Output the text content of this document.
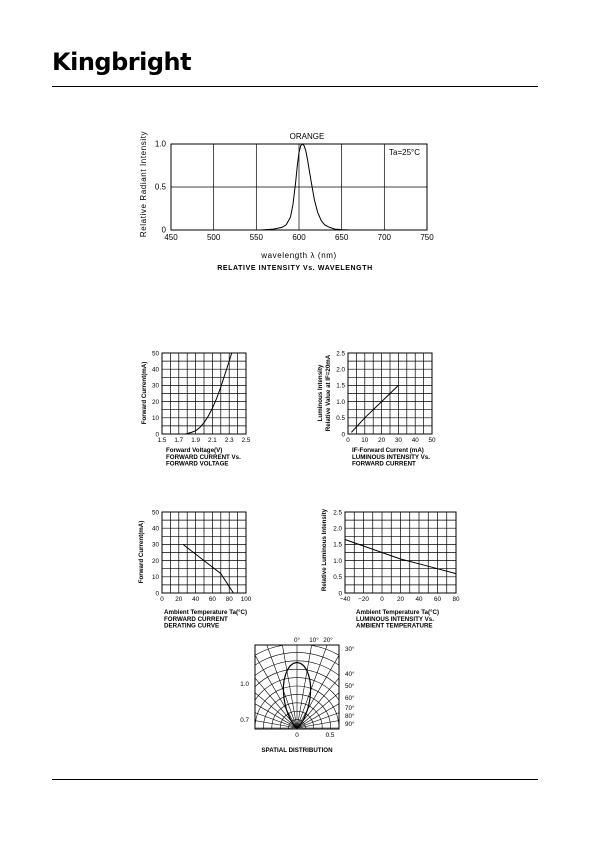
Kingbright
450	500	550	600	650	700	750
0
0.5
1.0
ORANGE
Ta=25°C
wavelength λ (nm)
RELATIVE INTENSITY Vs. WAVELENGTH
Relative Radiant Intensity
1.5 1.7 1.9 2.1 2.3 2.5
0
10
20
30
40
50
Forward Voltage(V)
FORWARD CURRENT Vs.
FORWARD VOLTAGE
Forward Current(mA)
0 10 20 30 40 50
0
0.5
1.0
1.5
2.0
2.5
IF-Forward Current (mA)
LUMINOUS INTENSITY Vs.
FORWARD CURRENT
Luminous Intensity Relative Value at IF=20mA
0 20 40 60 80 100
0
10
20
30
40
50
Ambient Temperature Ta(°C)
FORWARD CURRENT
DERATING CURVE
Forward Current(mA)
−40 −20 0 20 40 60 80
0
0.5
1.0
1.5
2.0
2.5
Ambient Temperature Ta(°C)
LUMINOUS INTENSITY Vs.
AMBIENT TEMPERATURE
Relative Luminous Intensity
0° 10° 20°
30°
40°
50°
60°
70°
80°
90°
1.0
0.7
0	0.5
SPATIAL DISTRIBUTION
